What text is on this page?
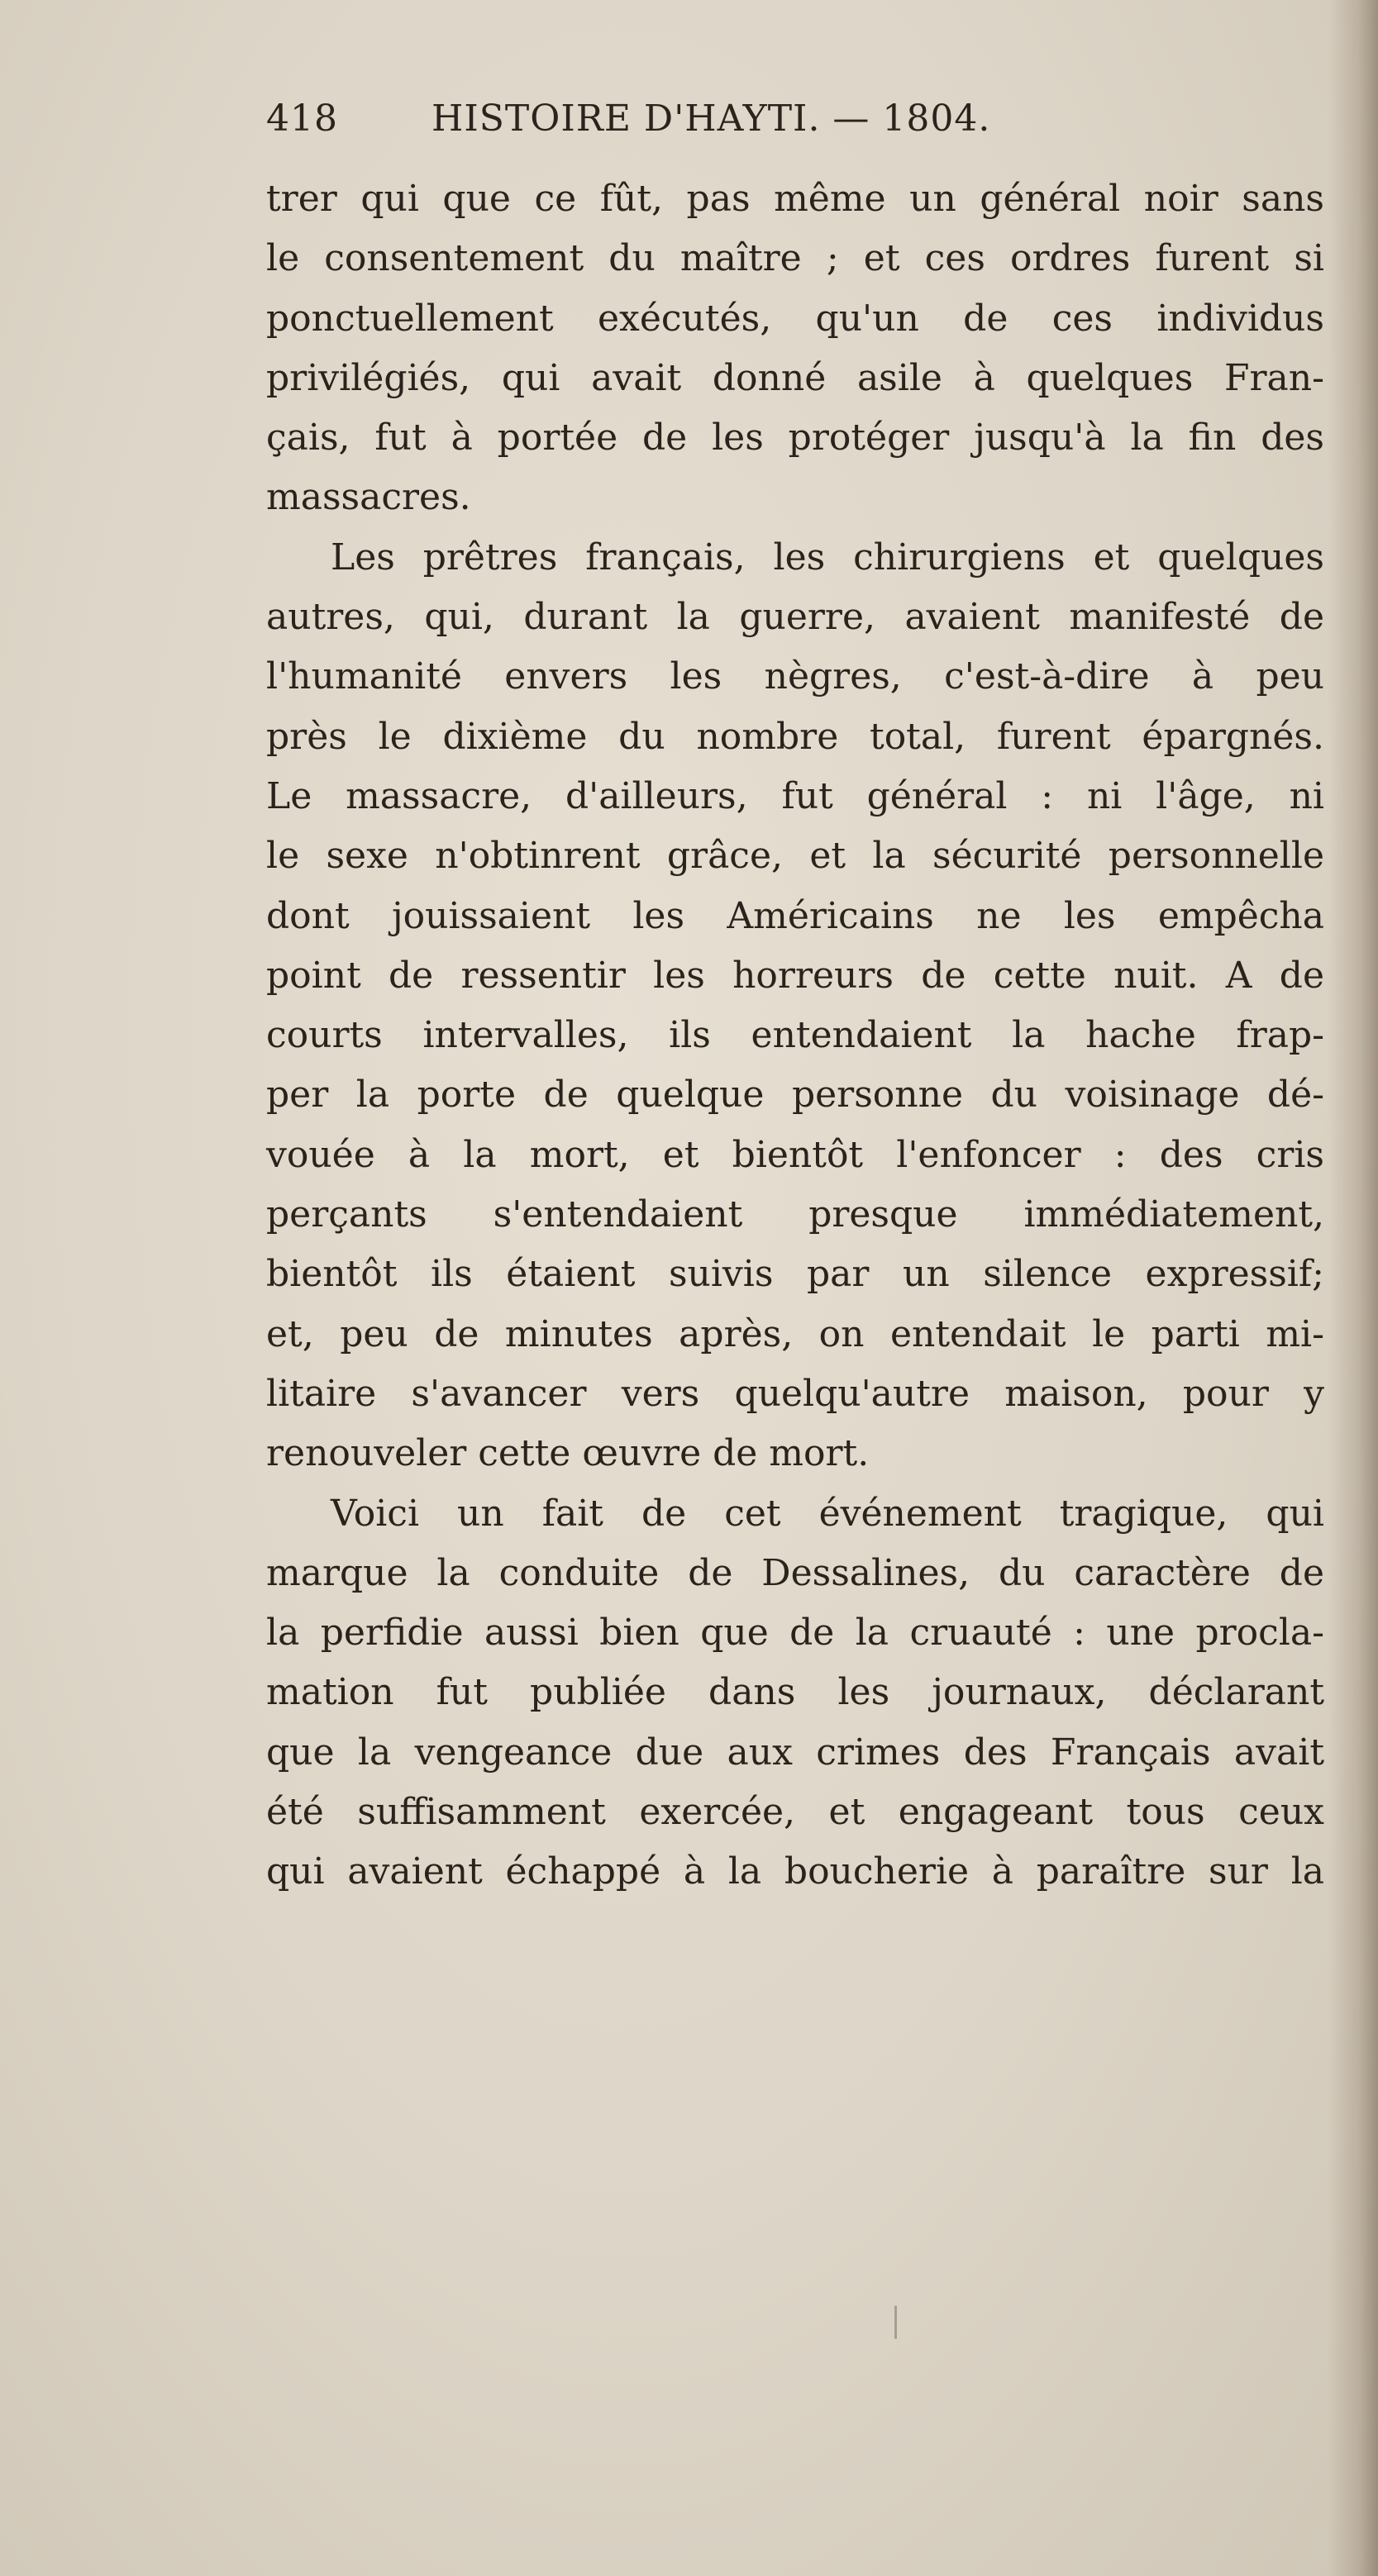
418	HISTOIRE D'HAYTI. — 1804.

trer qui que ce fût, pas même un général noir sans
le consentement du maître ; et ces ordres furent si
ponctuellement exécutés, qu'un de ces individus
privilégiés, qui avait donné asile à quelques Fran-
çais, fut à portée de les protéger jusqu'à la fin des
massacres.

Les prêtres français, les chirurgiens et quelques
autres, qui, durant la guerre, avaient manifesté de
l'humanité envers les nègres, c'est-à-dire à peu
près le dixième du nombre total, furent épargnés.
Le massacre, d'ailleurs, fut général : ni l'âge, ni
le sexe n'obtinrent grâce, et la sécurité personnelle
dont jouissaient les Américains ne les empêcha
point de ressentir les horreurs de cette nuit. A de
courts intervalles, ils entendaient la hache frap-
per la porte de quelque personne du voisinage dé-
vouée à la mort, et bientôt l'enfoncer : des cris
perçants s'entendaient presque immédiatement,
bientôt ils étaient suivis par un silence expressif;
et, peu de minutes après, on entendait le parti mi-
litaire s'avancer vers quelqu'autre maison, pour y
renouveler cette œuvre de mort.

Voici un fait de cet événement tragique, qui
marque la conduite de Dessalines, du caractère de
la perfidie aussi bien que de la cruauté : une procla-
mation fut publiée dans les journaux, déclarant
que la vengeance due aux crimes des Français avait
été suffisamment exercée, et engageant tous ceux
qui avaient échappé à la boucherie à paraître sur la
